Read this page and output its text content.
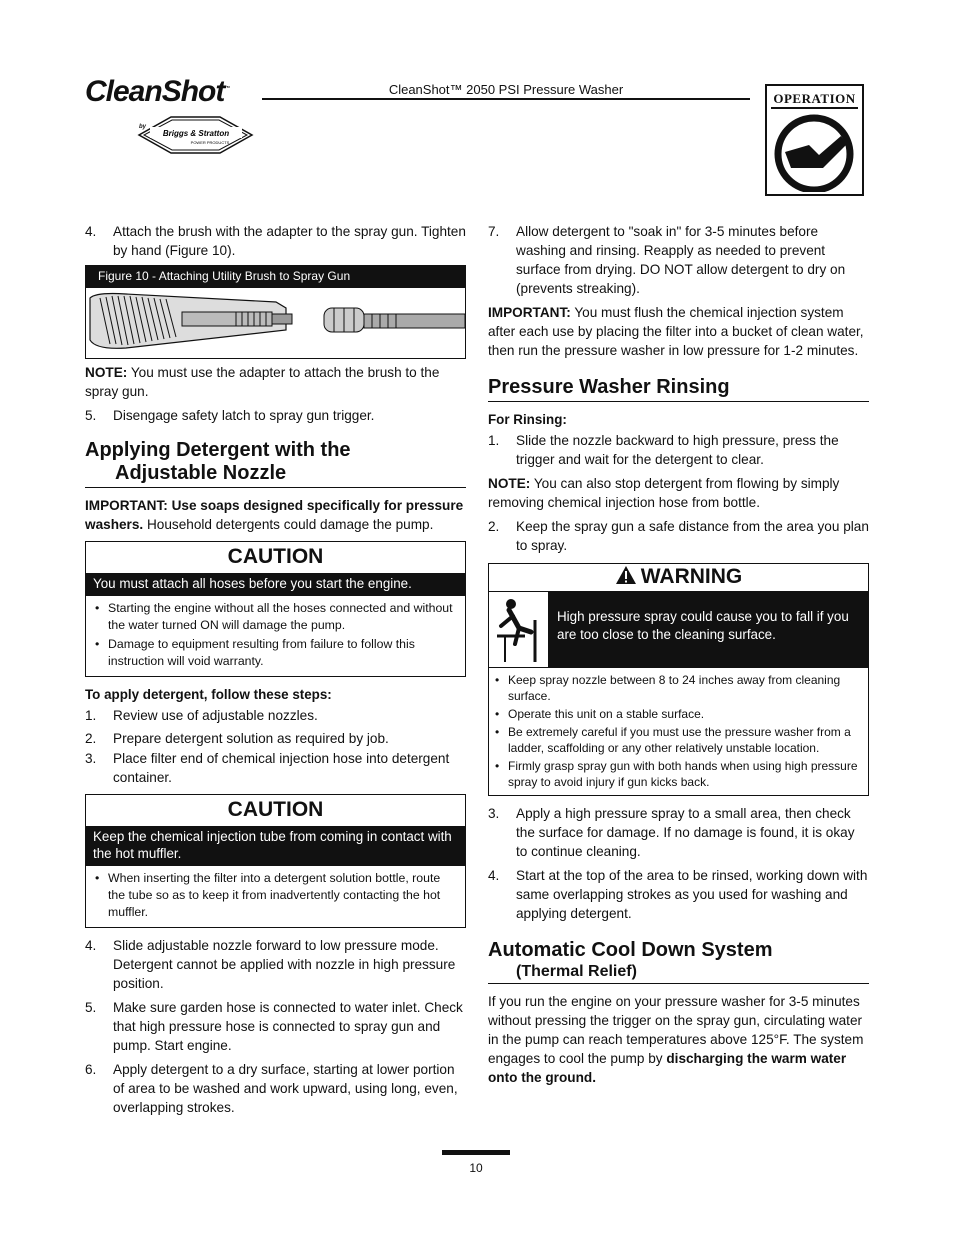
CleanShot™
by
Briggs & Stratton
POWER PRODUCTS
CleanShot™ 2050 PSI Pressure Washer
OPERATION
4. Attach the brush with the adapter to the spray gun. Tighten by hand (Figure 10).
Figure 10 - Attaching Utility Brush to Spray Gun

NOTE: You must use the adapter to attach the brush to the spray gun.

5. Disengage safety latch to spray gun trigger.
Applying Detergent with the
Adjustable Nozzle

IMPORTANT: Use soaps designed specifically for pressure washers. Household detergents could damage the pump.

CAUTION
You must attach all hoses before you start the engine.
• Starting the engine without all the hoses connected and without the water turned ON will damage the pump.
• Damage to equipment resulting from failure to follow this instruction will void warranty.

To apply detergent, follow these steps:

1. Review use of adjustable nozzles.
2. Prepare detergent solution as required by job.
3. Place filter end of chemical injection hose into detergent container.
CAUTION
Keep the chemical injection tube from coming in contact with the hot muffler.
• When inserting the filter into a detergent solution bottle, route the tube so as to keep it from inadvertently contacting the hot muffler.
4. Slide adjustable nozzle forward to low pressure mode. Detergent cannot be applied with nozzle in high pressure position.
5. Make sure garden hose is connected to water inlet. Check that high pressure hose is connected to spray gun and pump. Start engine.
6. Apply detergent to a dry surface, starting at lower portion of area to be washed and work upward, using long, even, overlapping strokes.
7. Allow detergent to "soak in" for 3-5 minutes before washing and rinsing. Reapply as needed to prevent surface from drying. DO NOT allow detergent to dry on (prevents streaking).

IMPORTANT: You must flush the chemical injection system after each use by placing the filter into a bucket of clean water, then run the pressure washer in low pressure for 1-2 minutes.

Pressure Washer Rinsing

For Rinsing:

1. Slide the nozzle backward to high pressure, press the trigger and wait for the detergent to clear.

NOTE: You can also stop detergent from flowing by simply removing chemical injection hose from bottle.

2. Keep the spray gun a safe distance from the area you plan to spray.
WARNING
High pressure spray could cause you to fall if you are too close to the cleaning surface.
• Keep spray nozzle between 8 to 24 inches away from cleaning surface.
• Operate this unit on a stable surface.
• Be extremely careful if you must use the pressure washer from a ladder, scaffolding or any other relatively unstable location.
• Firmly grasp spray gun with both hands when using high pressure spray to avoid injury if gun kicks back.
3. Apply a high pressure spray to a small area, then check the surface for damage. If no damage is found, it is okay to continue cleaning.
4. Start at the top of the area to be rinsed, working down with same overlapping strokes as you used for washing and applying detergent.
Automatic Cool Down System
(Thermal Relief)

If you run the engine on your pressure washer for 3-5 minutes without pressing the trigger on the spray gun, circulating water in the pump can reach temperatures above 125°F. The system engages to cool the pump by discharging the warm water onto the ground.

10
